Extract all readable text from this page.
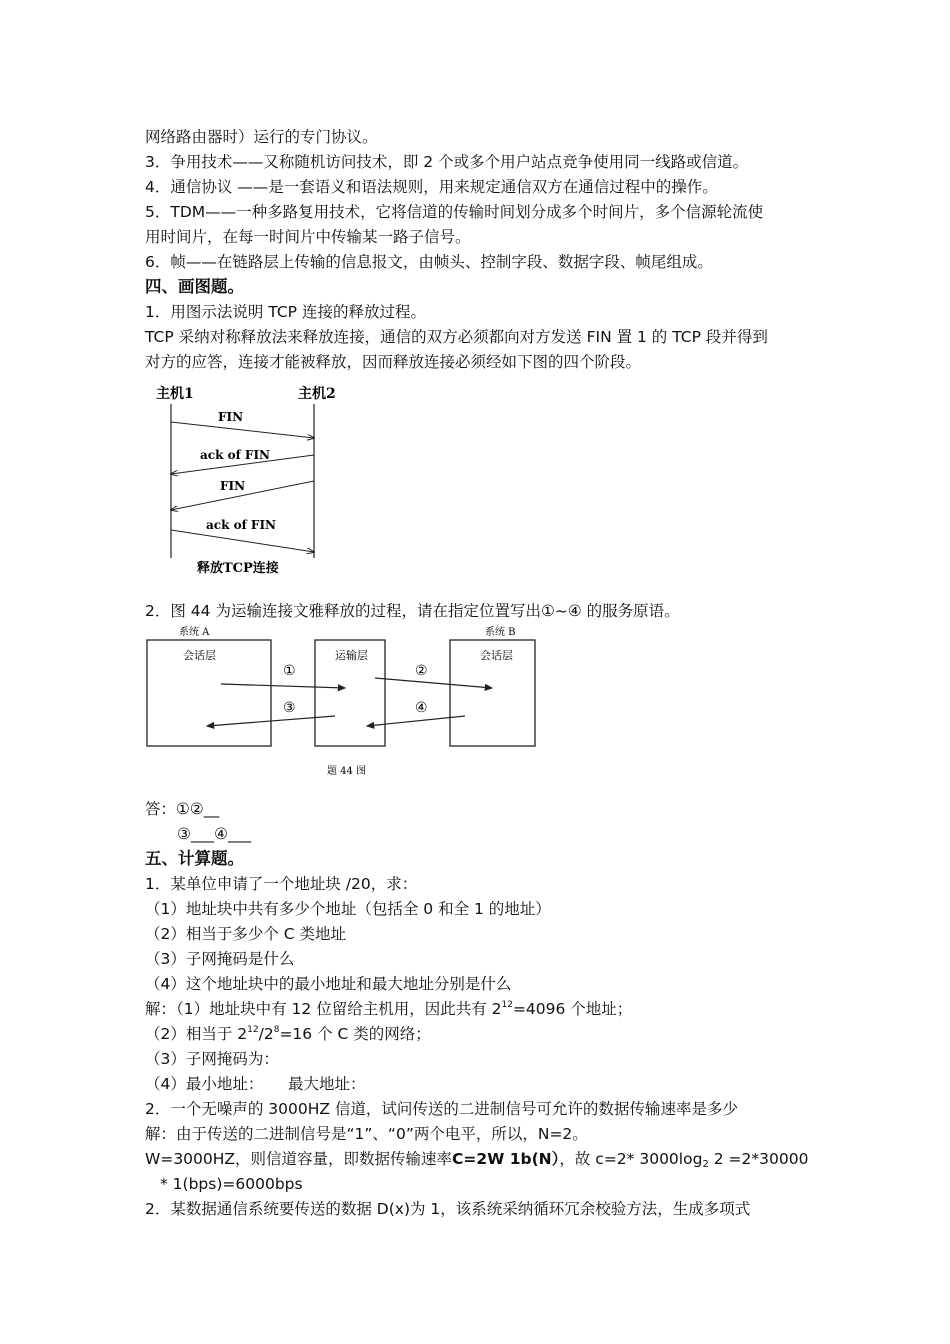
网络路由器时）运行的专门协议。
3．争用技术——又称随机访问技术，即 2 个或多个用户站点竞争使用同一线路或信道。
4．通信协议 ——是一套语义和语法规则，用来规定通信双方在通信过程中的操作。
5．TDM——一种多路复用技术，它将信道的传输时间划分成多个时间片，多个信源轮流使
用时间片，在每一时间片中传输某一路子信号。
6．帧——在链路层上传输的信息报文，由帧头、控制字段、数据字段、帧尾组成。
四、画图题。
1．用图示法说明 TCP 连接的释放过程。
TCP 采纳对称释放法来释放连接，通信的双方必须都向对方发送 FIN 置 1 的 TCP 段并得到
对方的应答，连接才能被释放，因而释放连接必须经如下图的四个阶段。
主机1	主机2
FIN
ack of FIN
FIN
ack of FIN
释放TCP连接
2．图 44 为运输连接文雅释放的过程，请在指定位置写出①~④ 的服务原语。
系统 A	系统 B
会话层	运输层	会话层
①	②
③	④
题 44 图
答：①②__
③___④___
五、计算题。
1．某单位申请了一个地址块 /20，求：
（1）地址块中共有多少个地址（包括全 0 和全 1 的地址）
（2）相当于多少个 C 类地址
（3）子网掩码是什么
（4）这个地址块中的最小地址和最大地址分别是什么
解：（1）地址块中有 12 位留给主机用，因此共有 $2^{12}=4096$ 个地址；
（2）相当于 $2^{12}/2^8=16$ 个 C 类的网络；
（3）子网掩码为：
（4）最小地址：     最大地址：
2．一个无噪声的 3000HZ 信道，试问传送的二进制信号可允许的数据传输速率是多少
解：由于传送的二进制信号是“1”、“0”两个电平，所以，N=2。
W=3000HZ，则信道容量，即数据传输速率C=2W 1b(N），故 c=2* $3000\log_2$ 2 =2*30000
* 1(bps)=6000bps
2．某数据通信系统要传送的数据 D(x)为 1，该系统采纳循环冗余校验方法，生成多项式
